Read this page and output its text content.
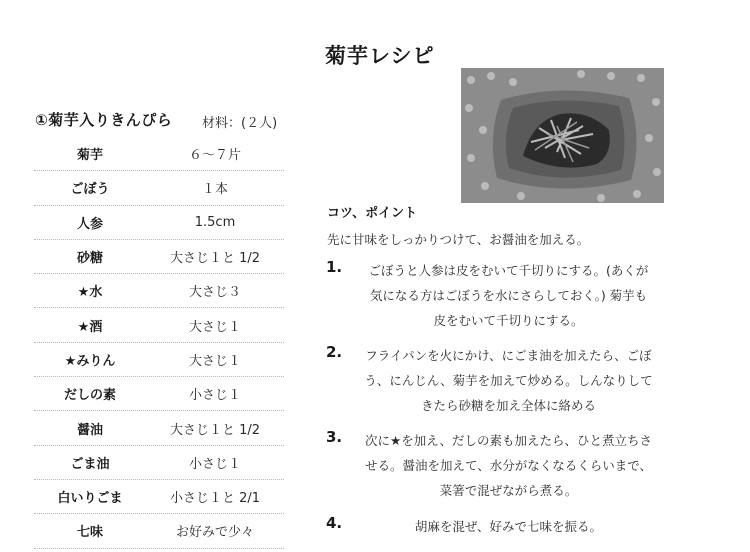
菊芋レシピ
①菊芋入りきんぴら 材料：(２人)
菊芋	６～７片
ごぼう	１本
人参	1.5cm
砂糖	大さじ１と 1/2
★水	大さじ３
★酒	大さじ１
★みりん	大さじ１
だしの素	小さじ１
醤油	大さじ１と 1/2
ごま油	小さじ１
白いりごま	小さじ１と 2/1
七味	お好みで少々
コツ、ポイント
先に甘味をしっかりつけて、お醤油を加える。
1.	ごぼうと人参は皮をむいて千切りにする。(あくが
気になる方はごぼうを水にさらしておく。) 菊芋も
皮をむいて千切りにする。
2.	フライパンを火にかけ、にごま油を加えたら、ごぼ
う、にんじん、菊芋を加えて炒める。しんなりして
きたら砂糖を加え全体に絡める
3.	次に★を加え、だしの素も加えたら、ひと煮立ちさ
せる。醤油を加えて、水分がなくなるくらいまで、
菜箸で混ぜながら煮る。
4.	胡麻を混ぜ、好みで七味を振る。
